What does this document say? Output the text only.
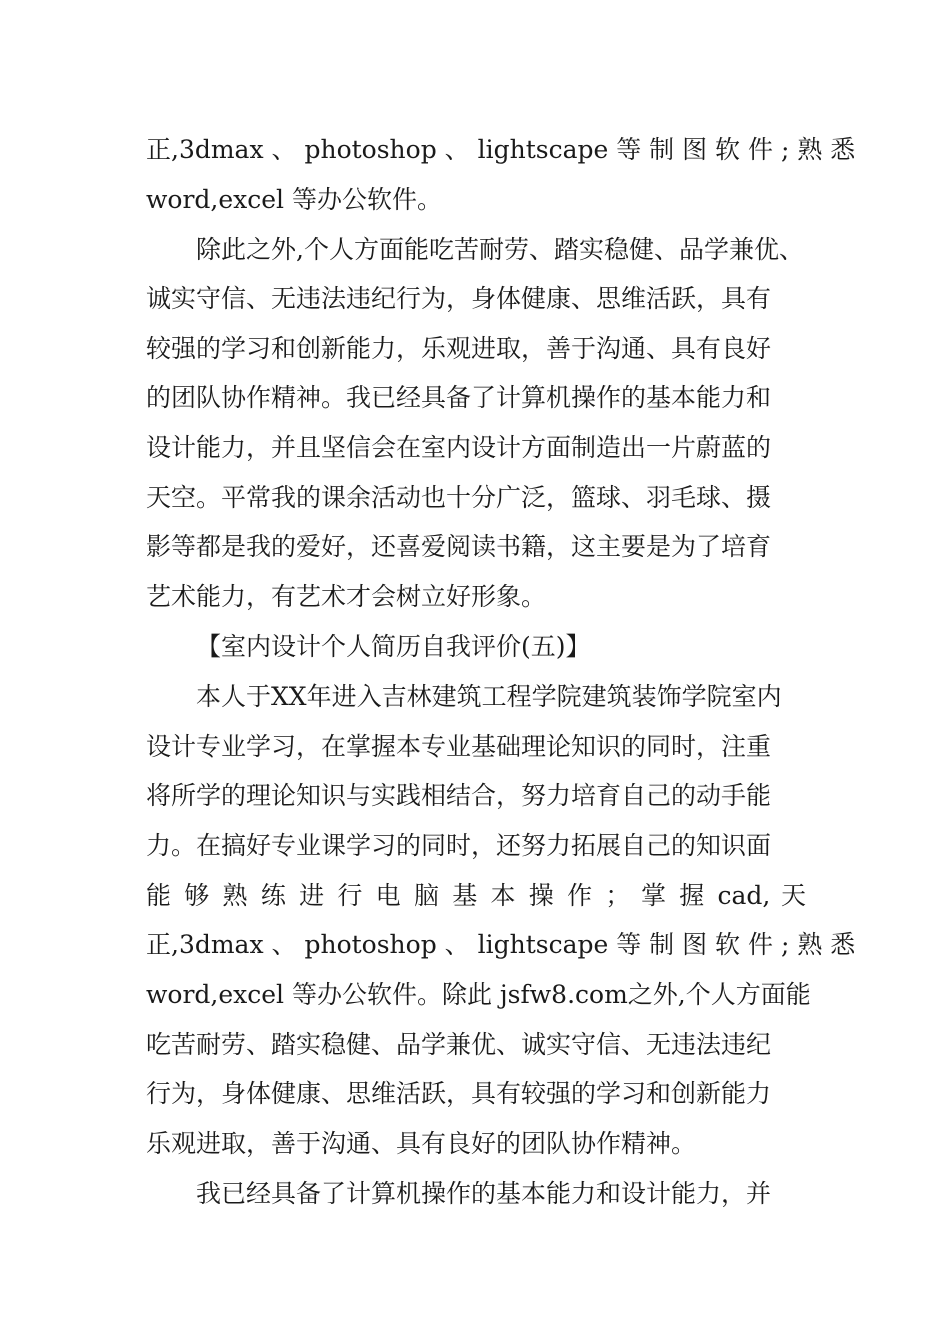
正,3dmax 、 photoshop 、 lightscape 等 制 图 软 件 ; 熟 悉
word,excel 等办公软件。
除此之外,个人方面能吃苦耐劳、踏实稳健、品学兼优、
诚实守信、无违法违纪行为，身体健康、思维活跃，具有
较强的学习和创新能力，乐观进取，善于沟通、具有良好
的团队协作精神。我已经具备了计算机操作的基本能力和
设计能力，并且坚信会在室内设计方面制造出一片蔚蓝的
天空。平常我的课余活动也十分广泛，篮球、羽毛球、摄
影等都是我的爱好，还喜爱阅读书籍，这主要是为了培育
艺术能力，有艺术才会树立好形象。
【室内设计个人简历自我评价(五)】
本人于XX年进入吉林建筑工程学院建筑装饰学院室内
设计专业学习，在掌握本专业基础理论知识的同时，注重
将所学的理论知识与实践相结合，努力培育自己的动手能
力。在搞好专业课学习的同时，还努力拓展自己的知识面
能 够 熟 练 进 行 电 脑 基 本 操 作 ； 掌 握 cad, 天
正,3dmax 、 photoshop 、 lightscape 等 制 图 软 件 ; 熟 悉
word,excel 等办公软件。除此 jsfw8.com之外,个人方面能
吃苦耐劳、踏实稳健、品学兼优、诚实守信、无违法违纪
行为，身体健康、思维活跃，具有较强的学习和创新能力
乐观进取，善于沟通、具有良好的团队协作精神。
我已经具备了计算机操作的基本能力和设计能力，并
